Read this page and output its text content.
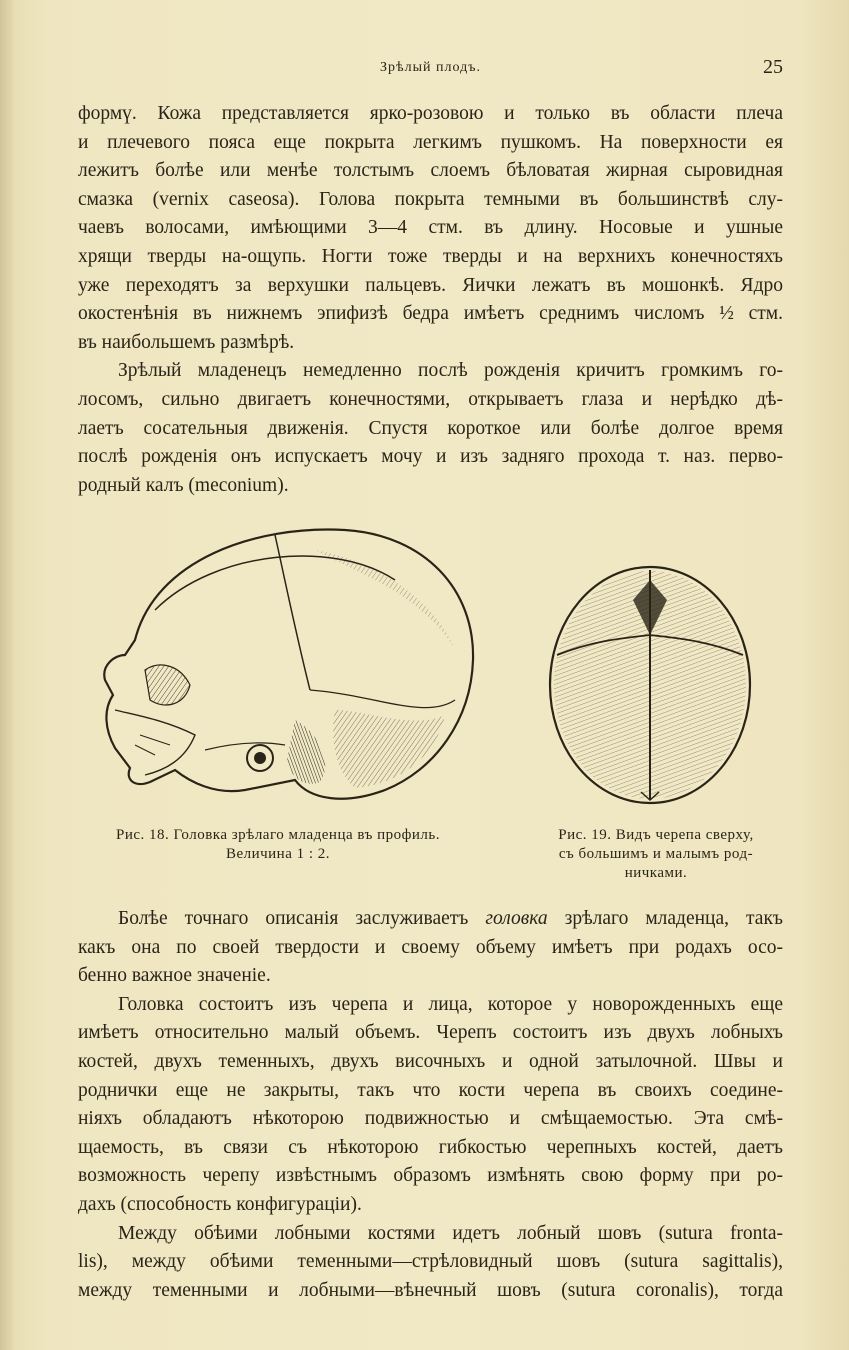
Зрѣлый плодъ.	25

формү. Кожа представляется ярко-розовою и только въ области плеча

и плечевого пояса еще покрыта легкимъ пушкомъ. На поверхности ея

лежитъ болѣе или менѣе толстымъ слоемъ бѣловатая жирная сыровидная

смазка (vernix caseosa). Голова покрыта темными въ большинствѣ слу-

чаевъ волосами, имѣющими 3—4 стм. въ длину. Носовые и ушные

хрящи тверды на-ощупь. Ногти тоже тверды и на верхнихъ конечностяхъ

уже переходятъ за верхушки пальцевъ. Яички лежатъ въ мошонкѣ. Ядро

окостенѣнія въ нижнемъ эпифизѣ бедра имѣетъ среднимъ числомъ ½ стм.

въ наибольшемъ размѣрѣ.

Зрѣлый младенецъ немедленно послѣ рожденія кричитъ громкимъ го-

лосомъ, сильно двигаетъ конечностями, открываетъ глаза и нерѣдко дѣ-

лаетъ сосательныя движенія. Спустя короткое или болѣе долгое время

послѣ рожденія онъ испускаетъ мочу и изъ задняго прохода т. наз. перво-

родный калъ (meconium).

Рис. 18. Головка зрѣлаго младенца въ профиль.
Величина 1 : 2.
Рис. 19. Видъ черепа сверху,
съ большимъ и малымъ род-
ничками.

Болѣе точнаго описанія заслуживаетъ головка зрѣлаго младенца, такъ

какъ она по своей твердости и своему объему имѣетъ при родахъ осо-

бенно важное значеніе.

Головка состоитъ изъ черепа и лица, которое у новорожденныхъ еще

имѣетъ относительно малый объемъ. Черепъ состоитъ изъ двухъ лобныхъ

костей, двухъ теменныхъ, двухъ височныхъ и одной затылочной. Швы и

роднички еще не закрыты, такъ что кости черепа въ своихъ соедине-

ніяхъ обладаютъ нѣкоторою подвижностью и смѣщаемостью. Эта смѣ-

щаемость, въ связи съ нѣкоторою гибкостью черепныхъ костей, даетъ

возможность черепу извѣстнымъ образомъ измѣнять свою форму при ро-

дахъ (способность конфигураціи).

Между обѣими лобными костями идетъ лобный шовъ (sutura fronta-

lis), между обѣими теменными—стрѣловидный шовъ (sutura sagittalis),

между теменными и лобными—вѣнечный шовъ (sutura coronalis), тогда
